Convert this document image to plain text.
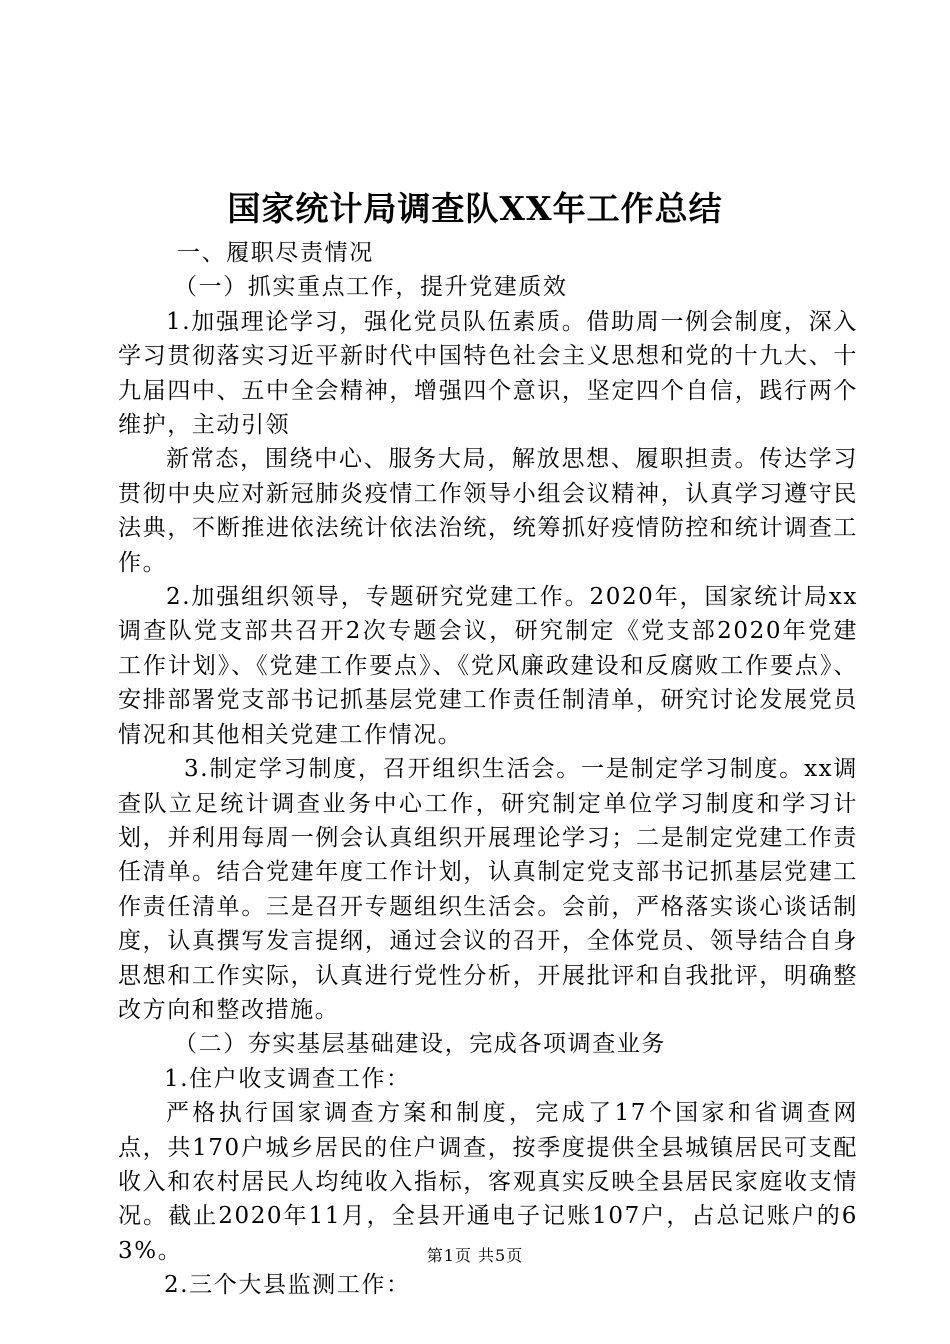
国家统计局调查队XX年工作总结

一、履职尽责情况

（一）抓实重点工作，提升党建质效

1.加强理论学习，强化党员队伍素质。借助周一例会制度，深入学习贯彻落实习近平新时代中国特色社会主义思想和党的十九大、十九届四中、五中全会精神，增强四个意识，坚定四个自信，践行两个维护，主动引领

新常态，围绕中心、服务大局，解放思想、履职担责。传达学习贯彻中央应对新冠肺炎疫情工作领导小组会议精神，认真学习遵守民法典，不断推进依法统计依法治统，统筹抓好疫情防控和统计调查工作。

2.加强组织领导，专题研究党建工作。2020年，国家统计局xx调查队党支部共召开2次专题会议，研究制定《党支部2020年党建工作计划》、《党建工作要点》、《党风廉政建设和反腐败工作要点》、安排部署党支部书记抓基层党建工作责任制清单，研究讨论发展党员情况和其他相关党建工作情况。

3.制定学习制度，召开组织生活会。一是制定学习制度。xx调查队立足统计调查业务中心工作，研究制定单位学习制度和学习计划，并利用每周一例会认真组织开展理论学习；二是制定党建工作责任清单。结合党建年度工作计划，认真制定党支部书记抓基层党建工作责任清单。三是召开专题组织生活会。会前，严格落实谈心谈话制度，认真撰写发言提纲，通过会议的召开，全体党员、领导结合自身思想和工作实际，认真进行党性分析，开展批评和自我批评，明确整改方向和整改措施。

（二）夯实基层基础建设，完成各项调查业务

1.住户收支调查工作：

严格执行国家调查方案和制度，完成了17个国家和省调查网点，共170户城乡居民的住户调查，按季度提供全县城镇居民可支配收入和农村居民人均纯收入指标，客观真实反映全县居民家庭收支情况。截止2020年11月，全县开通电子记账107户，占总记账户的63%。

2.三个大县监测工作：

第1页 共5页
